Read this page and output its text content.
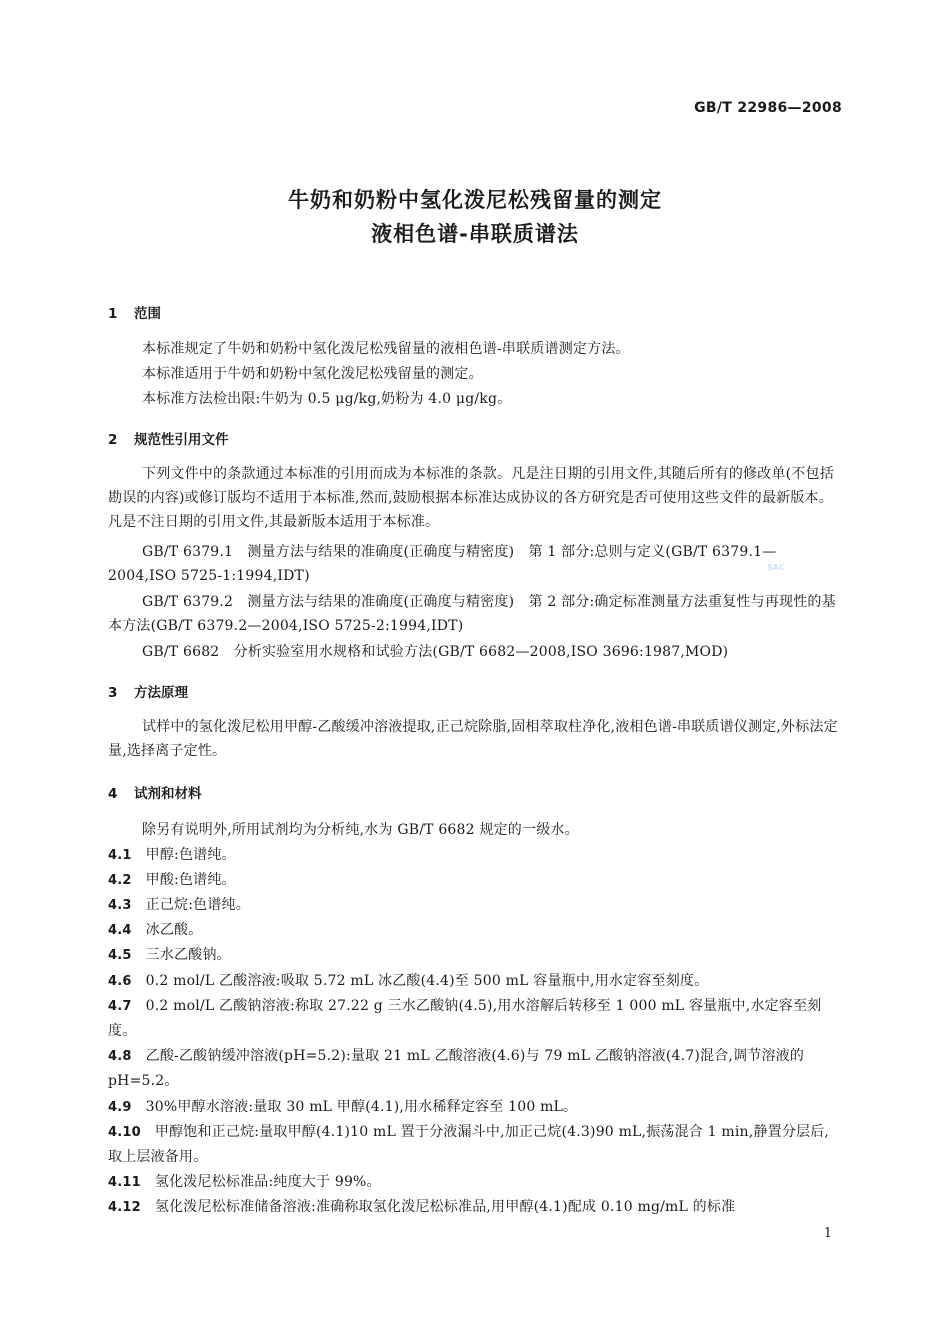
GB/T 22986—2008
牛奶和奶粉中氢化泼尼松残留量的测定
液相色谱-串联质谱法
1 范围
本标准规定了牛奶和奶粉中氢化泼尼松残留量的液相色谱-串联质谱测定方法。
本标准适用于牛奶和奶粉中氢化泼尼松残留量的测定。
本标准方法检出限:牛奶为 0.5 μg/kg,奶粉为 4.0 μg/kg。
2 规范性引用文件
下列文件中的条款通过本标准的引用而成为本标准的条款。凡是注日期的引用文件,其随后所有的修改单(不包括勘误的内容)或修订版均不适用于本标准,然而,鼓励根据本标准达成协议的各方研究是否可使用这些文件的最新版本。凡是不注日期的引用文件,其最新版本适用于本标准。
GB/T 6379.1　测量方法与结果的准确度(正确度与精密度)　第 1 部分:总则与定义(GB/T 6379.1—2004,ISO 5725-1:1994,IDT)
GB/T 6379.2　测量方法与结果的准确度(正确度与精密度)　第 2 部分:确定标准测量方法重复性与再现性的基本方法(GB/T 6379.2—2004,ISO 5725-2:1994,IDT)
GB/T 6682　分析实验室用水规格和试验方法(GB/T 6682—2008,ISO 3696:1987,MOD)
SAC
3 方法原理
试样中的氢化泼尼松用甲醇-乙酸缓冲溶液提取,正己烷除脂,固相萃取柱净化,液相色谱-串联质谱仪测定,外标法定量,选择离子定性。
4 试剂和材料
除另有说明外,所用试剂均为分析纯,水为 GB/T 6682 规定的一级水。
4.1 甲醇:色谱纯。
4.2 甲酸:色谱纯。
4.3 正己烷:色谱纯。
4.4 冰乙酸。
4.5 三水乙酸钠。
4.6 0.2 mol/L 乙酸溶液:吸取 5.72 mL 冰乙酸(4.4)至 500 mL 容量瓶中,用水定容至刻度。
4.7 0.2 mol/L 乙酸钠溶液:称取 27.22 g 三水乙酸钠(4.5),用水溶解后转移至 1 000 mL 容量瓶中,水定容至刻度。
4.8 乙酸-乙酸钠缓冲溶液(pH=5.2):量取 21 mL 乙酸溶液(4.6)与 79 mL 乙酸钠溶液(4.7)混合,调节溶液的 pH=5.2。
4.9 30%甲醇水溶液:量取 30 mL 甲醇(4.1),用水稀释定容至 100 mL。
4.10 甲醇饱和正己烷:量取甲醇(4.1)10 mL 置于分液漏斗中,加正己烷(4.3)90 mL,振荡混合 1 min,静置分层后,取上层液备用。
4.11 氢化泼尼松标准品:纯度大于 99%。
4.12 氢化泼尼松标准储备溶液:准确称取氢化泼尼松标准品,用甲醇(4.1)配成 0.10 mg/mL 的标准
1
